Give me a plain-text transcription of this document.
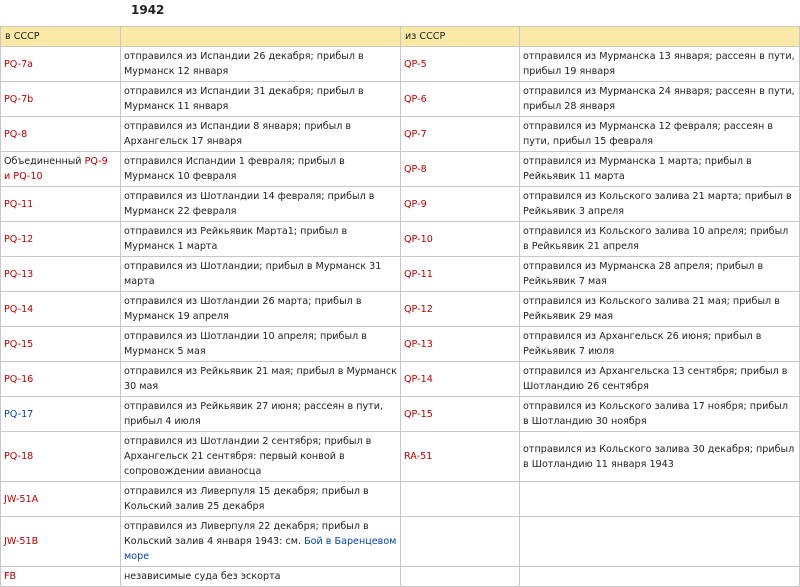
1942
в СССР		из СССР	
PQ-7a	отправился из Испандии 26 декабря; прибыл в Мурманск 12 января	QP-5	отправился из Мурманска 13 января; рассеян в пути, прибыл 19 января
PQ-7b	отправился из Испандии 31 декабря; прибыл в Мурманск 11 января	QP-6	отправился из Мурманска 24 января; рассеян в пути, прибыл 28 января
PQ-8	отправился из Испандии 8 января; прибыл в Архангельск 17 января	QP-7	отправился из Мурманска 12 февраля; рассеян в пути, прибыл 15 февраля
Объединенный PQ-9 и PQ-10	отправился Испандии 1 февраля; прибыл в Мурманск 10 февраля	QP-8	отправился из Мурманска 1 марта; прибыл в Рейкьявик 11 марта
PQ-11	отправился из Шотландии 14 февраля; прибыл в Мурманск 22 февраля	QP-9	отправился из Кольского залива 21 марта; прибыл в Рейкьявик 3 апреля
PQ-12	отправился из Рейкьявик Марта1; прибыл в Мурманск 1 марта	QP-10	отправился из Кольского залива 10 апреля; прибыл в Рейкьявик 21 апреля
PQ-13	отправился из Шотландии; прибыл в Мурманск 31 марта	QP-11	отправился из Мурманска 28 апреля; прибыл в Рейкьявик 7 мая
PQ-14	отправился из Шотландии 26 марта; прибыл в Мурманск 19 апреля	QP-12	отправился из Кольского залива 21 мая; прибыл в Рейкьявик 29 мая
PQ-15	отправился из Шотландии 10 апреля; прибыл в Мурманск 5 мая	QP-13	отправился из Архангельск 26 июня; прибыл в Рейкьявик 7 июля
PQ-16	отправился из Рейкьявик 21 мая; прибыл в Мурманск 30 мая	QP-14	отправился из Архангельска 13 сентября; прибыл в Шотландию 26 сентября
PQ-17	отправился из Рейкьявик 27 июня; рассеян в пути, прибыл 4 июля	QP-15	отправился из Кольского залива 17 ноября; прибыл в Шотландию 30 ноября
PQ-18	отправился из Шотландии 2 сентября; прибыл в Архангельск 21 сентября: первый конвой в сопровождении авианосца	RA-51	отправился из Кольского залива 30 декабря; прибыл в Шотландию 11 января 1943
JW-51A	отправился из Ливерпуля 15 декабря; прибыл в Кольский залив 25 декабря		
JW-51B	отправился из Ливерпуля 22 декабря; прибыл в Кольский залив 4 января 1943: см. Бой в Баренцевом море		
FB	независимые суда без эскорта		
